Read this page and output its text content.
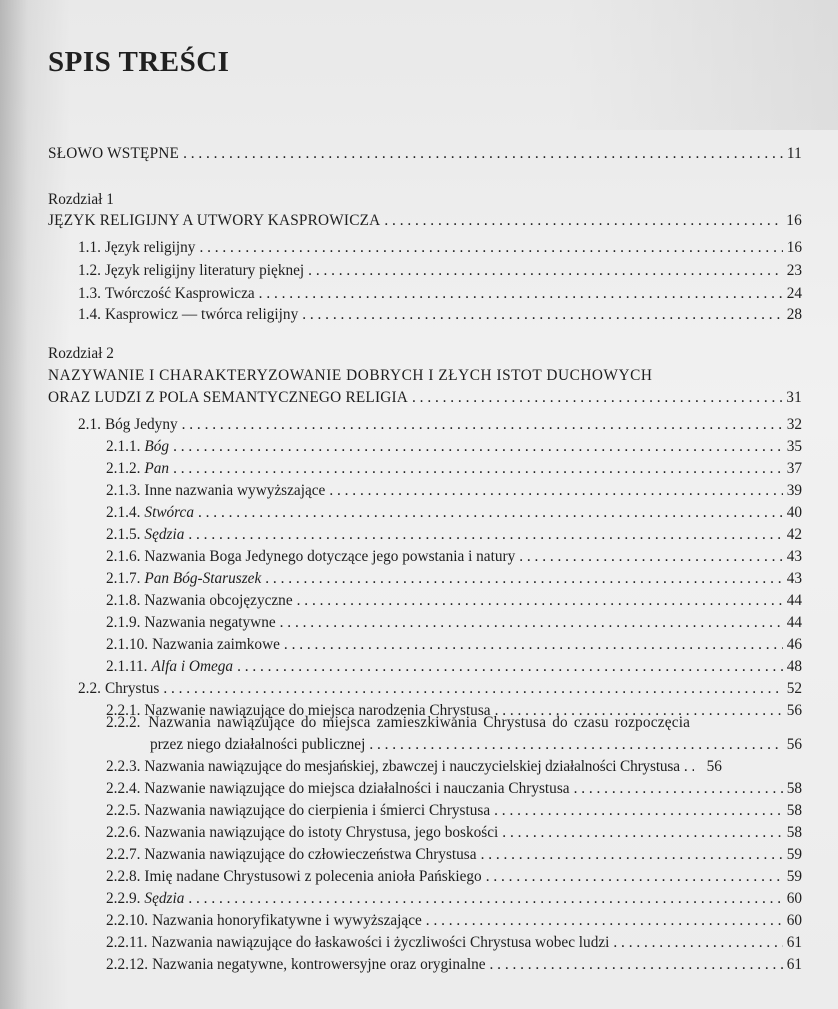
SPIS TREŚCI
SŁOWO WSTĘPNE . . .	11
Rozdział 1
JĘZYK RELIGIJNY A UTWORY KASPROWICZA . . .	16
1.1. Język religijny . . .	16
1.2. Język religijny literatury pięknej . . .	23
1.3. Twórczość Kasprowicza . . .	24
1.4. Kasprowicz — twórca religijny . . .	28
Rozdział 2
NAZYWANIE I CHARAKTERYZOWANIE DOBRYCH I ZŁYCH ISTOT DUCHOWYCH
ORAZ LUDZI Z POLA SEMANTYCZNEGO RELIGIA . . .	31
2.1. Bóg Jedyny . . .	32
2.1.1. Bóg . . .	35
2.1.2. Pan . . .	37
2.1.3. Inne nazwania wywyższające . . .	39
2.1.4. Stwórca . . .	40
2.1.5. Sędzia . . .	42
2.1.6. Nazwania Boga Jedynego dotyczące jego powstania i natury . . .	43
2.1.7. Pan Bóg-Staruszek . . .	43
2.1.8. Nazwania obcojęzyczne . . .	44
2.1.9. Nazwania negatywne . . .	44
2.1.10. Nazwania zaimkowe . . .	46
2.1.11. Alfa i Omega . . .	48
2.2. Chrystus . . .	52
2.2.1. Nazwanie nawiązujące do miejsca narodzenia Chrystusa . . .	56
2.2.2. Nazwania nawiązujące do miejsca zamieszkiwania Chrystusa do czasu rozpoczęcia
przez niego działalności publicznej . . .	56
2.2.3. Nazwania nawiązujące do mesjańskiej, zbawczej i nauczycielskiej działalności Chrystusa . . .	56
2.2.4. Nazwanie nawiązujące do miejsca działalności i nauczania Chrystusa . . .	58
2.2.5. Nazwania nawiązujące do cierpienia i śmierci Chrystusa . . .	58
2.2.6. Nazwania nawiązujące do istoty Chrystusa, jego boskości . . .	58
2.2.7. Nazwania nawiązujące do człowieczeństwa Chrystusa . . .	59
2.2.8. Imię nadane Chrystusowi z polecenia anioła Pańskiego . . .	59
2.2.9. Sędzia . . .	60
2.2.10. Nazwania honoryfikatywne i wywyższające . . .	60
2.2.11. Nazwania nawiązujące do łaskawości i życzliwości Chrystusa wobec ludzi . . .	61
2.2.12. Nazwania negatywne, kontrowersyjne oraz oryginalne . . .	61
